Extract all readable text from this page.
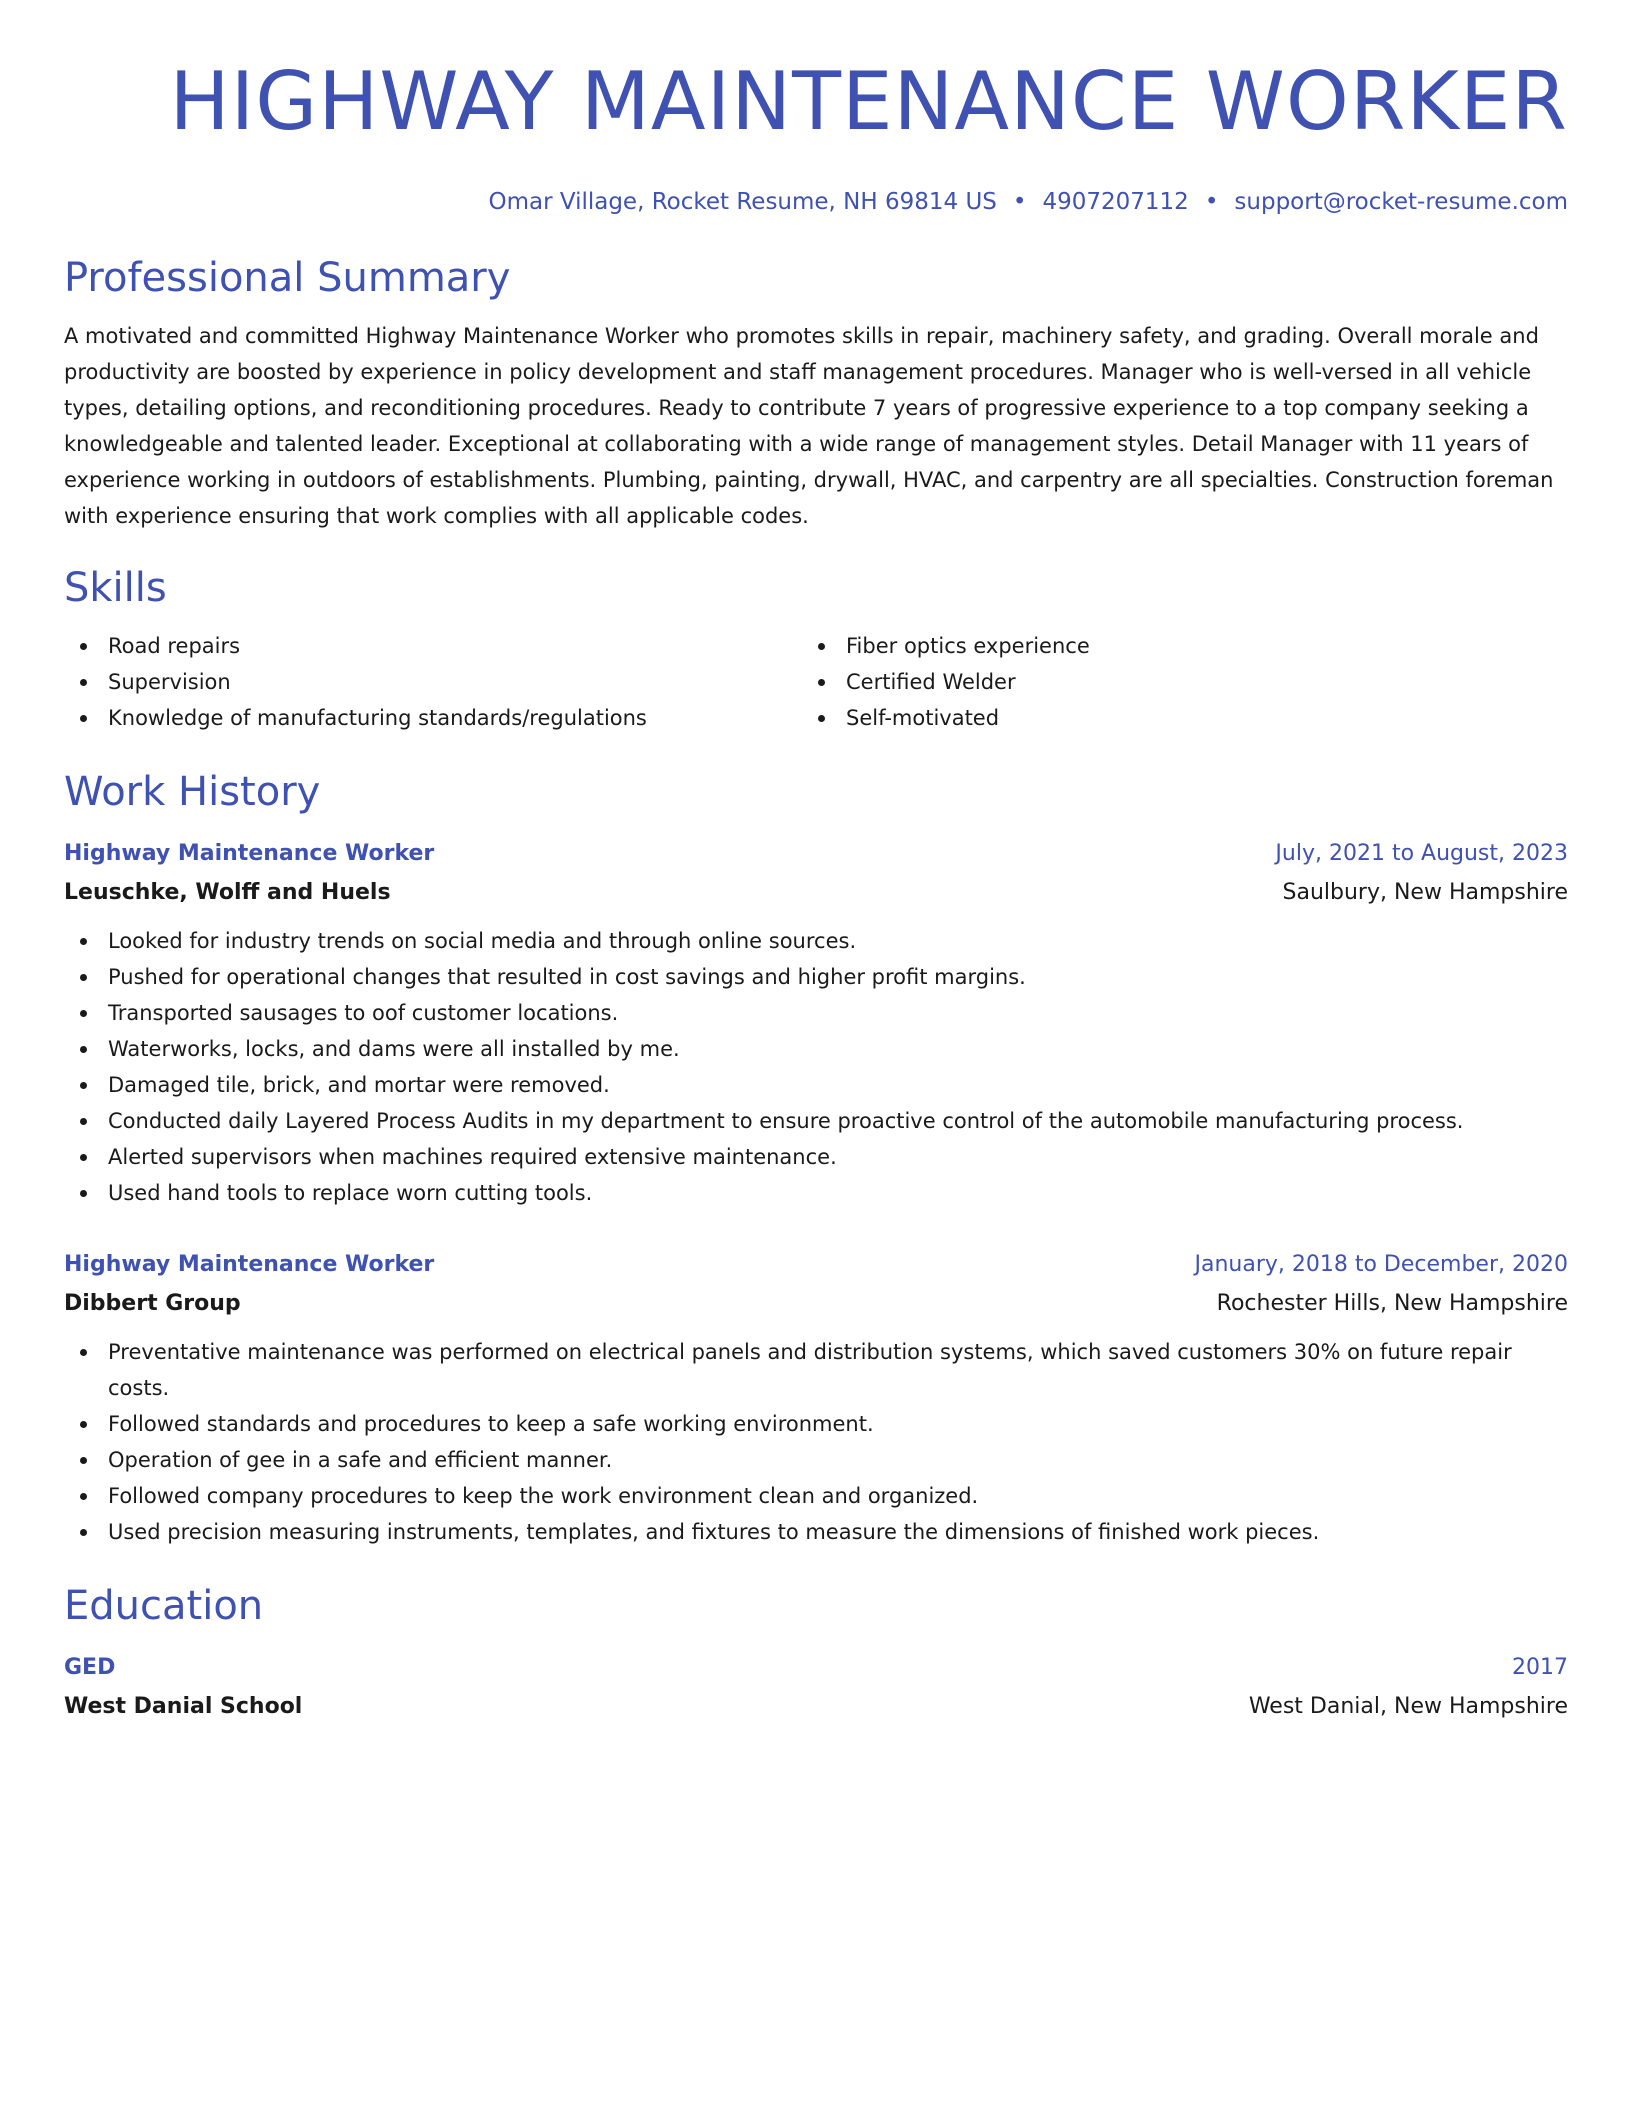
HIGHWAY MAINTENANCE WORKER
Omar Village, Rocket Resume, NH 69814 US • 4907207112 • support@rocket-resume.com
Professional Summary

A motivated and committed Highway Maintenance Worker who promotes skills in repair, machinery safety, and grading. Overall morale and productivity are boosted by experience in policy development and staff management procedures. Manager who is well-versed in all vehicle types, detailing options, and reconditioning procedures. Ready to contribute 7 years of progressive experience to a top company seeking a knowledgeable and talented leader. Exceptional at collaborating with a wide range of management styles. Detail Manager with 11 years of experience working in outdoors of establishments. Plumbing, painting, drywall, HVAC, and carpentry are all specialties. Construction foreman with experience ensuring that work complies with all applicable codes.

Skills
Road repairs
Supervision
Knowledge of manufacturing standards/regulations
Fiber optics experience
Certified Welder
Self-motivated
Work History
Highway Maintenance Worker	July, 2021 to August, 2023
Leuschke, Wolff and Huels	Saulbury, New Hampshire
Looked for industry trends on social media and through online sources.
Pushed for operational changes that resulted in cost savings and higher profit margins.
Transported sausages to oof customer locations.
Waterworks, locks, and dams were all installed by me.
Damaged tile, brick, and mortar were removed.
Conducted daily Layered Process Audits in my department to ensure proactive control of the automobile manufacturing process.
Alerted supervisors when machines required extensive maintenance.
Used hand tools to replace worn cutting tools.
Highway Maintenance Worker	January, 2018 to December, 2020
Dibbert Group	Rochester Hills, New Hampshire
Preventative maintenance was performed on electrical panels and distribution systems, which saved customers 30% on future repair costs.
Followed standards and procedures to keep a safe working environment.
Operation of gee in a safe and efficient manner.
Followed company procedures to keep the work environment clean and organized.
Used precision measuring instruments, templates, and fixtures to measure the dimensions of finished work pieces.
Education
GED	2017
West Danial School	West Danial, New Hampshire
